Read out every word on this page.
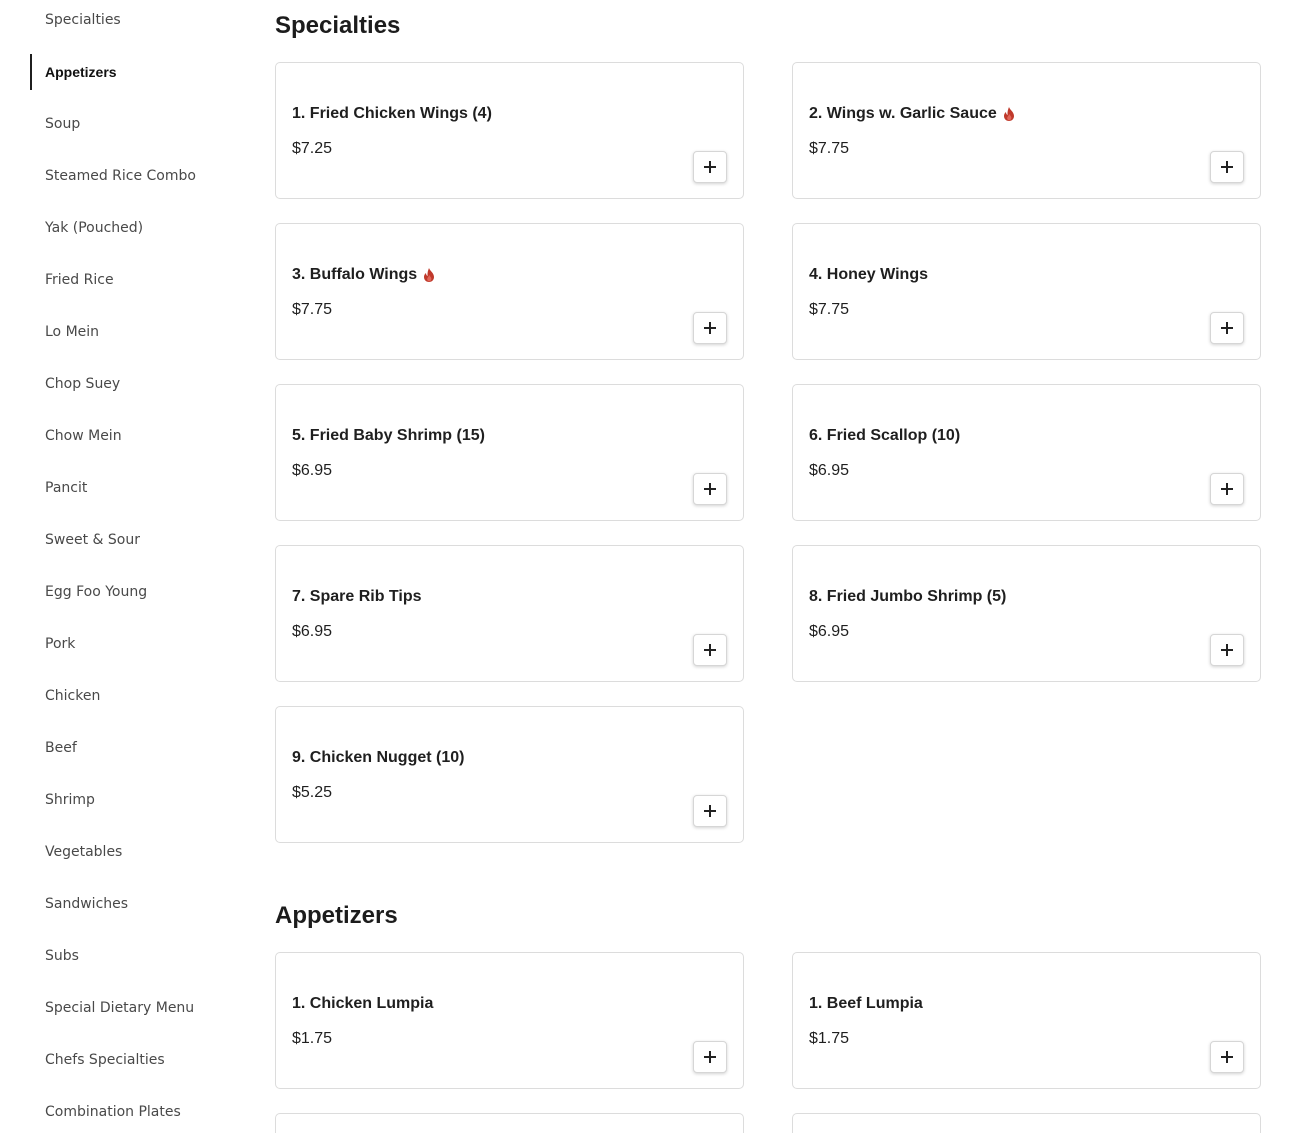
Specialties
Appetizers
Soup
Steamed Rice Combo
Yak (Pouched)
Fried Rice
Lo Mein
Chop Suey
Chow Mein
Pancit
Sweet & Sour
Egg Foo Young
Pork
Chicken
Beef
Shrimp
Vegetables
Sandwiches
Subs
Special Dietary Menu
Chefs Specialties
Combination Plates
Specialties
1. Fried Chicken Wings (4)
$7.25
2. Wings w. Garlic Sauce
$7.75
3. Buffalo Wings
$7.75
4. Honey Wings
$7.75
5. Fried Baby Shrimp (15)
$6.95
6. Fried Scallop (10)
$6.95
7. Spare Rib Tips
$6.95
8. Fried Jumbo Shrimp (5)
$6.95
9. Chicken Nugget (10)
$5.25
Appetizers
1. Chicken Lumpia
$1.75
1. Beef Lumpia
$1.75
